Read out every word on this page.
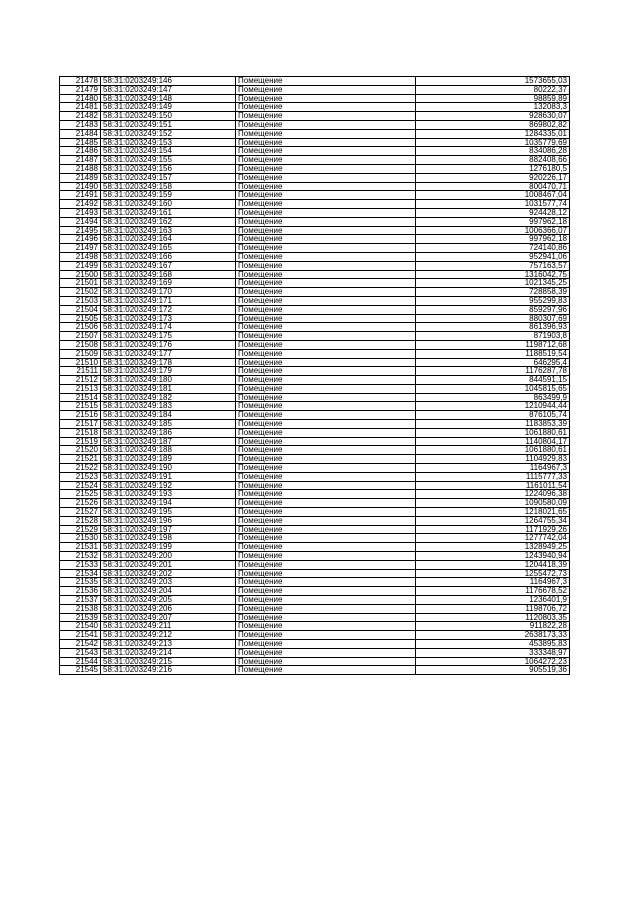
21478	58:31:0203249:146	Помещение	1573655,03
21479	58:31:0203249:147	Помещение	80222,37
21480	58:31:0203249:148	Помещение	98859,89
21481	58:31:0203249:149	Помещение	132083,3
21482	58:31:0203249:150	Помещение	928630,07
21483	58:31:0203249:151	Помещение	869802,82
21484	58:31:0203249:152	Помещение	1284335,01
21485	58:31:0203249:153	Помещение	1035779,69
21486	58:31:0203249:154	Помещение	834086,28
21487	58:31:0203249:155	Помещение	882408,66
21488	58:31:0203249:156	Помещение	1276180,5
21489	58:31:0203249:157	Помещение	920226,17
21490	58:31:0203249:158	Помещение	800470,71
21491	58:31:0203249:159	Помещение	1008467,04
21492	58:31:0203249:160	Помещение	1031577,74
21493	58:31:0203249:161	Помещение	924428,12
21494	58:31:0203249:162	Помещение	997962,18
21495	58:31:0203249:163	Помещение	1006366,07
21496	58:31:0203249:164	Помещение	997962,18
21497	58:31:0203249:165	Помещение	724140,86
21498	58:31:0203249:166	Помещение	952941,06
21499	58:31:0203249:167	Помещение	757163,57
21500	58:31:0203249:168	Помещение	1316042,75
21501	58:31:0203249:169	Помещение	1021345,25
21502	58:31:0203249:170	Помещение	728858,39
21503	58:31:0203249:171	Помещение	955299,83
21504	58:31:0203249:172	Помещение	859297,96
21505	58:31:0203249:173	Помещение	880307,69
21506	58:31:0203249:174	Помещение	861396,93
21507	58:31:0203249:175	Помещение	871903,8
21508	58:31:0203249:176	Помещение	1198712,68
21509	58:31:0203249:177	Помещение	1188519,54
21510	58:31:0203249:178	Помещение	646295,4
21511	58:31:0203249:179	Помещение	1176287,78
21512	58:31:0203249:180	Помещение	844591,15
21513	58:31:0203249:181	Помещение	1045815,65
21514	58:31:0203249:182	Помещение	863499,9
21515	58:31:0203249:183	Помещение	1210944,44
21516	58:31:0203249:184	Помещение	876105,74
21517	58:31:0203249:185	Помещение	1183853,39
21518	58:31:0203249:186	Помещение	1061880,61
21519	58:31:0203249:187	Помещение	1140804,17
21520	58:31:0203249:188	Помещение	1061880,61
21521	58:31:0203249:189	Помещение	1104929,83
21522	58:31:0203249:190	Помещение	1164967,3
21523	58:31:0203249:191	Помещение	1115777,33
21524	58:31:0203249:192	Помещение	1161011,54
21525	58:31:0203249:193	Помещение	1224096,38
21526	58:31:0203249:194	Помещение	1090580,09
21527	58:31:0203249:195	Помещение	1218021,65
21528	58:31:0203249:196	Помещение	1264755,34
21529	58:31:0203249:197	Помещение	1171929,26
21530	58:31:0203249:198	Помещение	1277742,04
21531	58:31:0203249:199	Помещение	1328949,25
21532	58:31:0203249:200	Помещение	1243940,94
21533	58:31:0203249:201	Помещение	1204418,39
21534	58:31:0203249:202	Помещение	1255472,73
21535	58:31:0203249:203	Помещение	1164967,3
21536	58:31:0203249:204	Помещение	1176678,52
21537	58:31:0203249:205	Помещение	1236401,9
21538	58:31:0203249:206	Помещение	1198706,72
21539	58:31:0203249:207	Помещение	1120803,35
21540	58:31:0203249:211	Помещение	911822,28
21541	58:31:0203249:212	Помещение	2638173,33
21542	58:31:0203249:213	Помещение	453895,83
21543	58:31:0203249:214	Помещение	333348,97
21544	58:31:0203249:215	Помещение	1064272,23
21545	58:31:0203249:216	Помещение	905519,36
